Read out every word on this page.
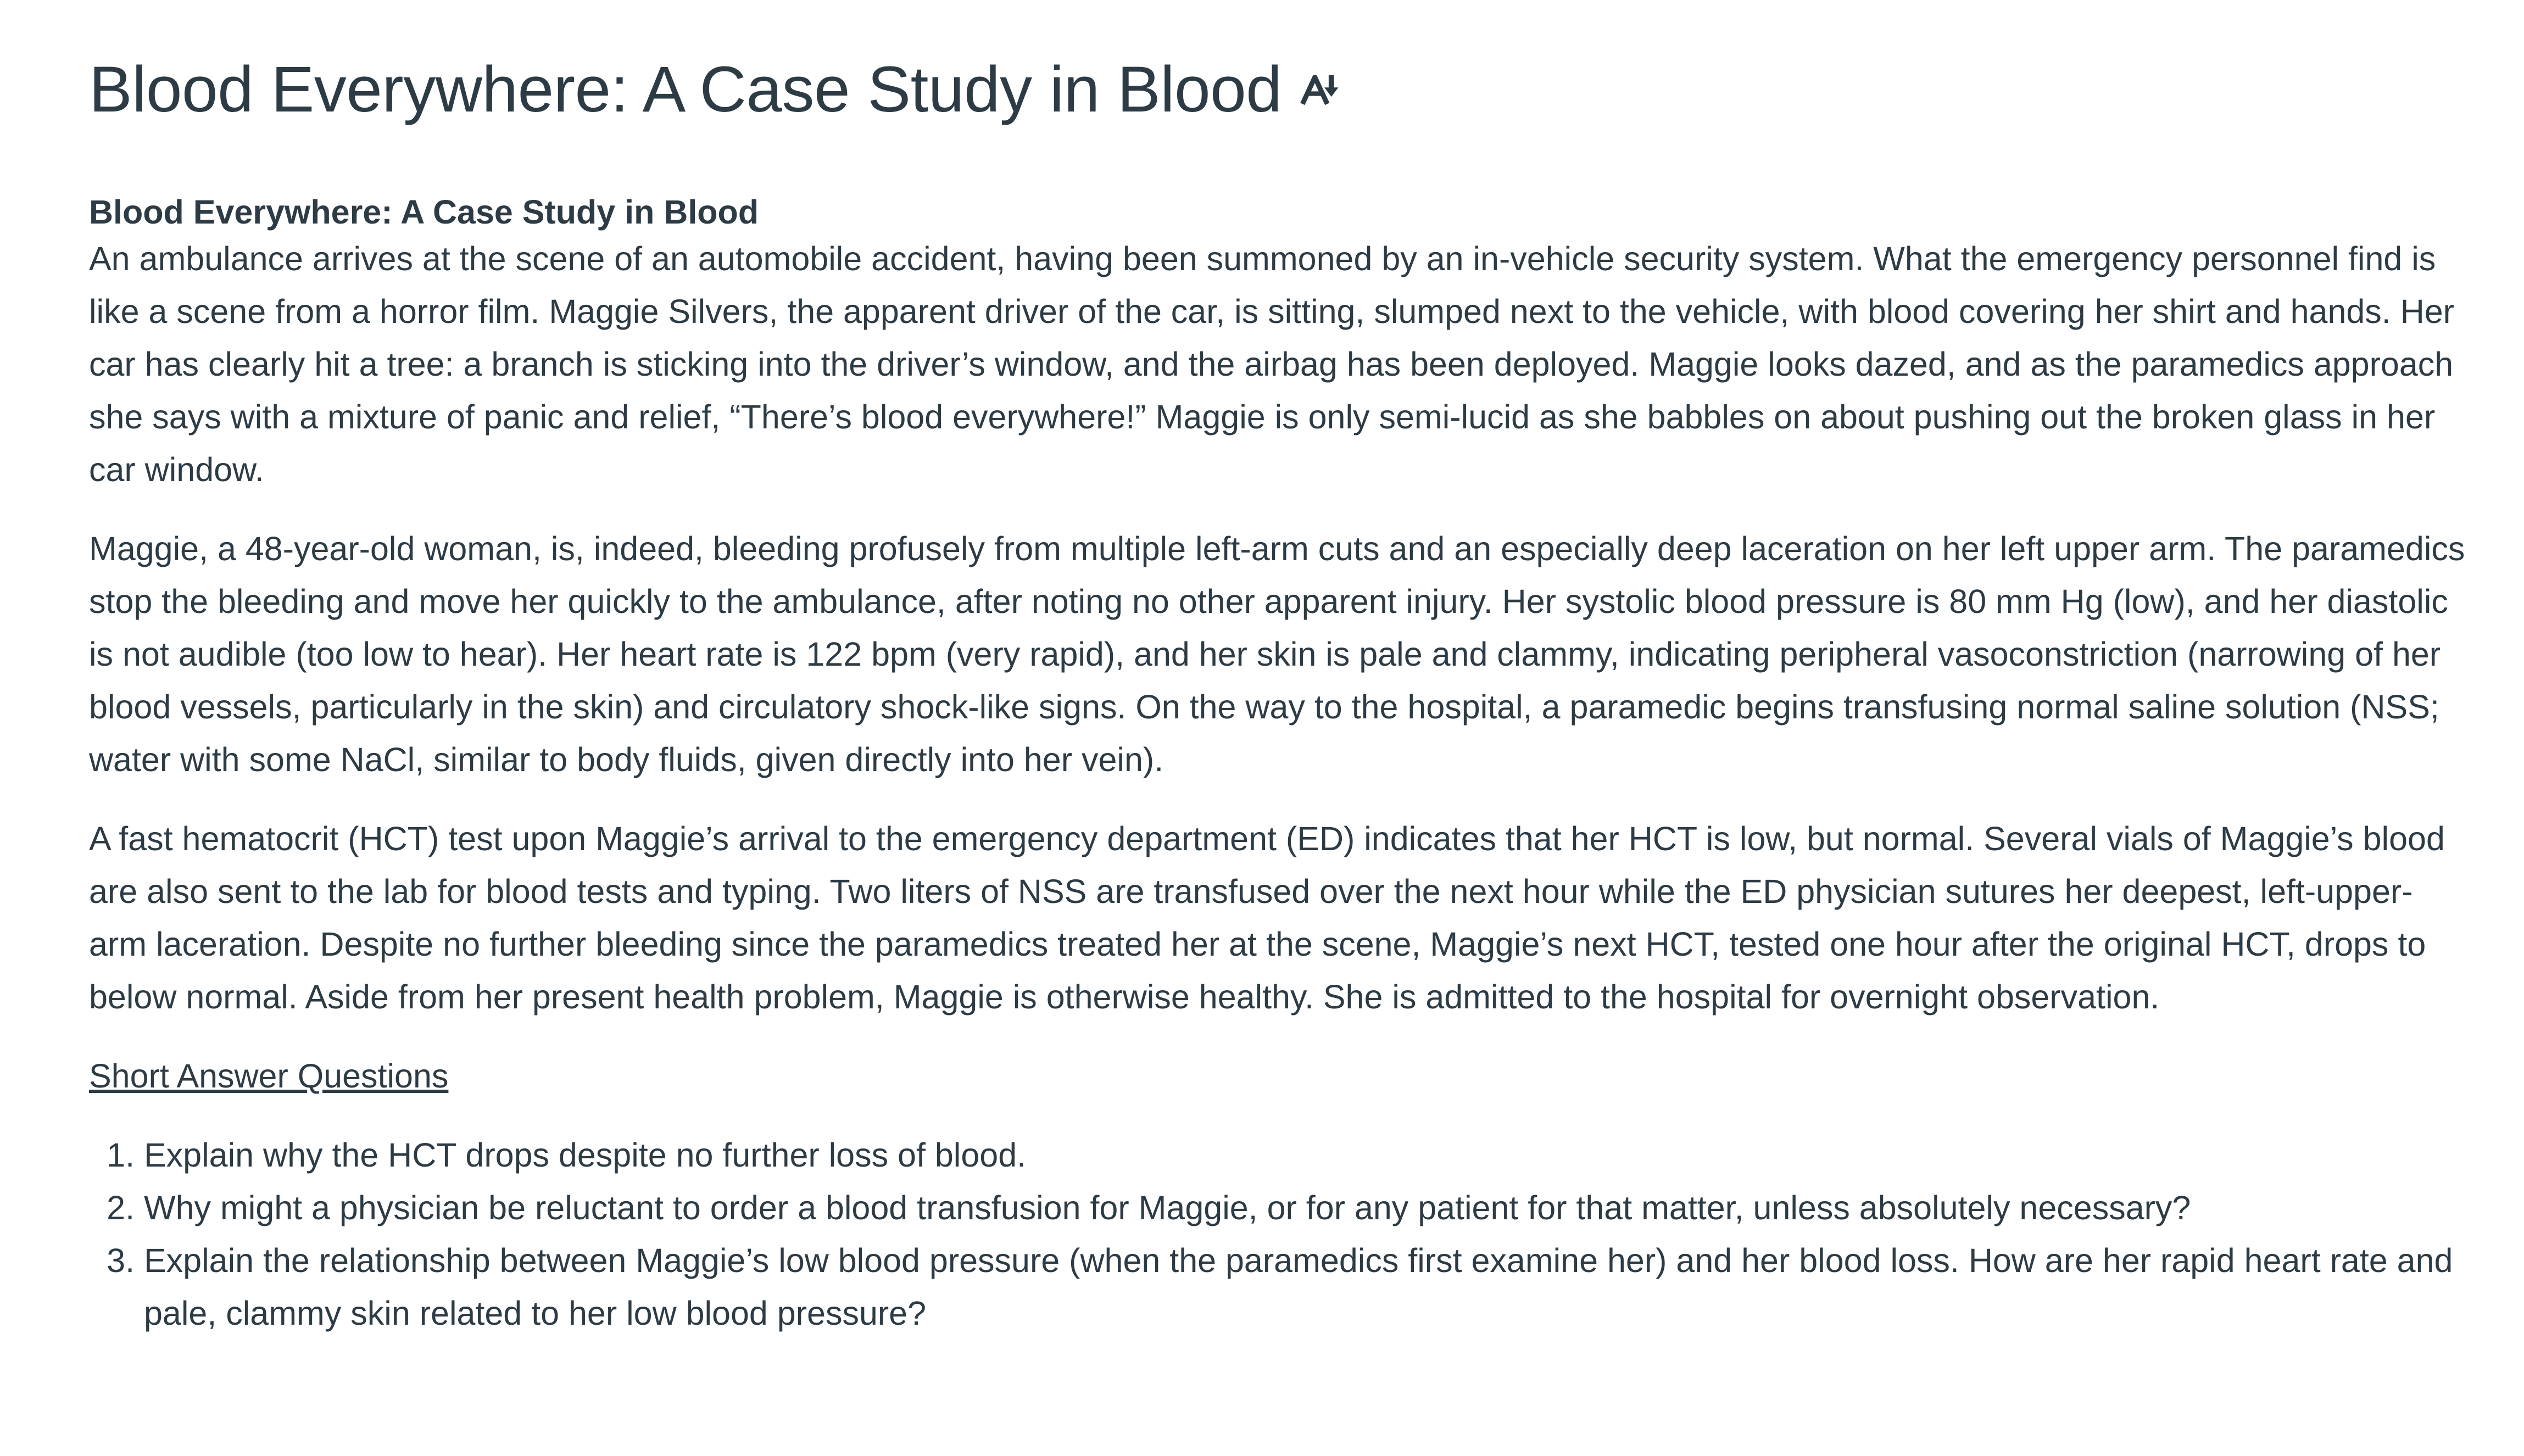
Blood Everywhere: A Case Study in Blood
Blood Everywhere: A Case Study in Blood

An ambulance arrives at the scene of an automobile accident, having been summoned by an in-vehicle security system. What the emergency personnel find is like a scene from a horror film. Maggie Silvers, the apparent driver of the car, is sitting, slumped next to the vehicle, with blood covering her shirt and hands. Her car has clearly hit a tree: a branch is sticking into the driver’s window, and the airbag has been deployed. Maggie looks dazed, and as the paramedics approach she says with a mixture of panic and relief, “There’s blood everywhere!” Maggie is only semi-lucid as she babbles on about pushing out the broken glass in her car window.

Maggie, a 48-year-old woman, is, indeed, bleeding profusely from multiple left-arm cuts and an especially deep laceration on her left upper arm. The paramedics stop the bleeding and move her quickly to the ambulance, after noting no other apparent injury. Her systolic blood pressure is 80 mm Hg (low), and her diastolic is not audible (too low to hear). Her heart rate is 122 bpm (very rapid), and her skin is pale and clammy, indicating peripheral vasoconstriction (narrowing of her blood vessels, particularly in the skin) and circulatory shock-like signs. On the way to the hospital, a paramedic begins transfusing normal saline solution (NSS; water with some NaCl, similar to body fluids, given directly into her vein).

A fast hematocrit (HCT) test upon Maggie’s arrival to the emergency department (ED) indicates that her HCT is low, but normal. Several vials of Maggie’s blood are also sent to the lab for blood tests and typing. Two liters of NSS are transfused over the next hour while the ED physician sutures her deepest, left-upper-arm laceration. Despite no further bleeding since the paramedics treated her at the scene, Maggie’s next HCT, tested one hour after the original HCT, drops to below normal. Aside from her present health problem, Maggie is otherwise healthy. She is admitted to the hospital for overnight observation.

Short Answer Questions
1. Explain why the HCT drops despite no further loss of blood.
2. Why might a physician be reluctant to order a blood transfusion for Maggie, or for any patient for that matter, unless absolutely necessary?
3. Explain the relationship between Maggie’s low blood pressure (when the paramedics first examine her) and her blood loss. How are her rapid heart rate and pale, clammy skin related to her low blood pressure?
